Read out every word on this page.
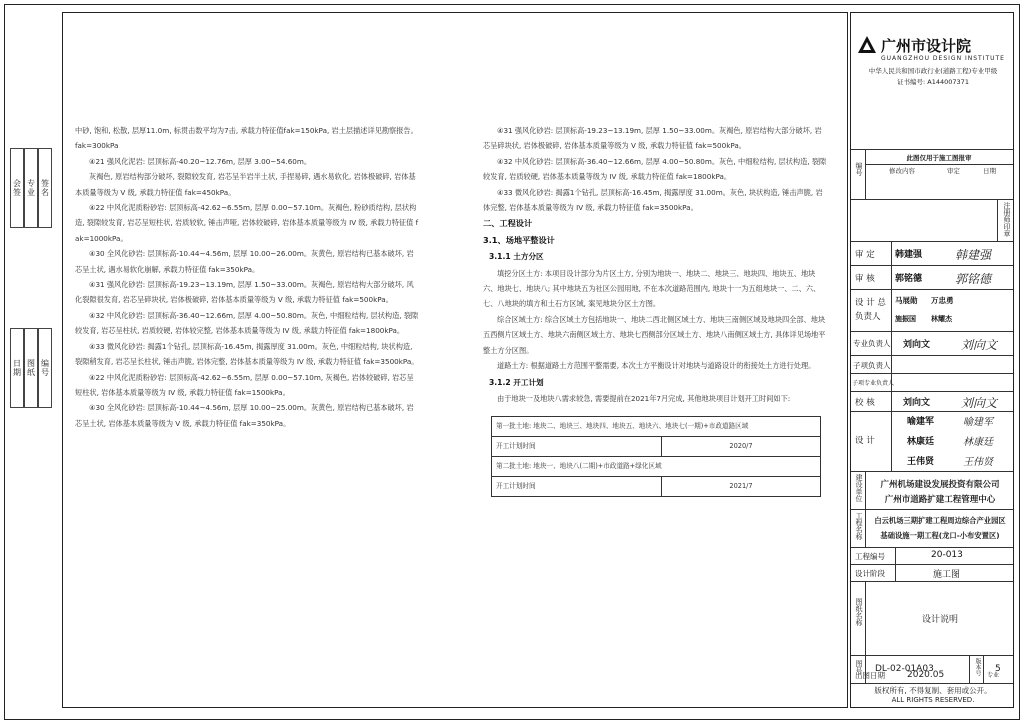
会签 专业 签名
日期 图纸 编号

中砂, 饱和, 松散, 层厚11.0m, 标贯击数平均为7击, 承载力特征值fak=150kPa, 岩土层描述详见勘察报告。

fak=300kPa

④21 强风化泥岩: 层顶标高-40.20~12.76m, 层厚 3.00~54.60m。

灰褐色, 原岩结构部分破坏, 裂隙较发育, 岩芯呈半岩半土状, 手捏易碎, 遇水易软化, 岩体极破碎, 岩体基本质量等级为 V 级, 承载力特征值 fak=450kPa。

④22 中风化泥质粉砂岩: 层顶标高-42.62~6.55m, 层厚 0.00~57.10m。灰褐色, 粉砂质结构, 层状构造, 裂隙较发育, 岩芯呈短柱状, 岩质较软, 锤击声哑, 岩体较破碎, 岩体基本质量等级为 IV 级, 承载力特征值 fak=1000kPa。

④30 全风化砂岩: 层顶标高-10.44~4.56m, 层厚 10.00~26.00m。灰黄色, 原岩结构已基本破坏, 岩芯呈土状, 遇水易软化崩解, 承载力特征值 fak=350kPa。

④31 强风化砂岩: 层顶标高-19.23~13.19m, 层厚 1.50~33.00m。灰褐色, 原岩结构大部分破坏, 风化裂隙很发育, 岩芯呈碎块状, 岩体极破碎, 岩体基本质量等级为 V 级, 承载力特征值 fak=500kPa。

④32 中风化砂岩: 层顶标高-36.40~12.66m, 层厚 4.00~50.80m。灰色, 中细粒结构, 层状构造, 裂隙较发育, 岩芯呈柱状, 岩质较硬, 岩体较完整, 岩体基本质量等级为 IV 级, 承载力特征值 fak=1800kPa。

④33 微风化砂岩: 揭露1个钻孔, 层顶标高-16.45m, 揭露厚度 31.00m。灰色, 中细粒结构, 块状构造, 裂隙稍发育, 岩芯呈长柱状, 锤击声脆, 岩体完整, 岩体基本质量等级为 IV 级, 承载力特征值 fak=3500kPa。

④22 中风化泥质粉砂岩: 层顶标高-42.62~6.55m, 层厚 0.00~57.10m, 灰褐色, 岩体较破碎, 岩芯呈短柱状, 岩体基本质量等级为 IV 级, 承载力特征值 fak=1500kPa。

④30 全风化砂岩: 层顶标高-10.44~4.56m, 层厚 10.00~25.00m。灰黄色, 原岩结构已基本破坏, 岩芯呈土状, 岩体基本质量等级为 V 级, 承载力特征值 fak=350kPa。

④31 强风化砂岩: 层顶标高-19.23~13.19m, 层厚 1.50~33.00m。灰褐色, 原岩结构大部分破坏, 岩芯呈碎块状, 岩体极破碎, 岩体基本质量等级为 V 级, 承载力特征值 fak=500kPa。

④32 中风化砂岩: 层顶标高-36.40~12.66m, 层厚 4.00~50.80m。灰色, 中细粒结构, 层状构造, 裂隙较发育, 岩质较硬, 岩体基本质量等级为 IV 级, 承载力特征值 fak=1800kPa。

④33 微风化砂岩: 揭露1个钻孔, 层顶标高-16.45m, 揭露厚度 31.00m。灰色, 块状构造, 锤击声脆, 岩体完整, 岩体基本质量等级为 IV 级, 承载力特征值 fak=3500kPa。

二、工程设计
3.1、场地平整设计
3.1.1 土方分区

填挖分区土方: 本项目设计部分为片区土方, 分别为地块一、地块二、地块三、地块四、地块五、地块六、地块七、地块八; 其中地块五为社区公园用地, 不在本次道路范围内, 地块十一为五组地块一、二、六、七、八地块的填方和土石方区域, 案见地块分区土方图。

综合区域土方: 综合区域土方包括地块一、地块二西北侧区域土方、地块三南侧区域及地块四全部、地块五西侧片区域土方、地块六南侧区域土方、地块七西侧部分区域土方、地块八南侧区域土方, 具体详见场地平整土方分区图。

道路土方: 根据道路土方范围平整需要, 本次土方平衡设计对地块与道路设计的衔接处土方进行处理。

3.1.2 开工计划

由于地块一及地块八需求较急, 需要提前在2021年7月完成, 其他地块项目计划开工时间如下:

第一批土地: 地块二、地块三、地块四、地块五、地块六、地块七(一期)+市政道路区域	
开工计划时间	2020/7
第二批土地: 地块一、地块八(二期)+市政道路+绿化区域	
开工计划时间	2021/7
广州市设计院
GUANGZHOU DESIGN INSTITUTE
中华人民共和国市政行业(道路工程)专业甲级
证书编号: A144007371
编号
此图仅用于施工图报审
修改内容	审定	日期
注册师印章
审 定 韩建强	韩建强
审 核 郭铭德	郭铭德
设 计 总负责人
马展勋 万忠勇
施振国 林耀杰
专业负责人 刘向文	刘向文
子项负责人
子项专业负责人
校 核	刘向文	刘向文
设 计
喻建军	喻建军
林康廷	林康廷
王伟贤	王伟贤
建设单位	广州机场建设发展投资有限公司
广州市道路扩建工程管理中心
工程名称	白云机场三期扩建工程周边综合产业园区
基础设施一期工程(龙口-小布安置区)
工程编号	20-013
设计阶段	施工图
图纸名称	设计说明
图号 DL-02-01A03	版本号 5
出图日期 2020.05	专业
版权所有, 不得复制、套用或公开。
ALL RIGHTS RESERVED.
